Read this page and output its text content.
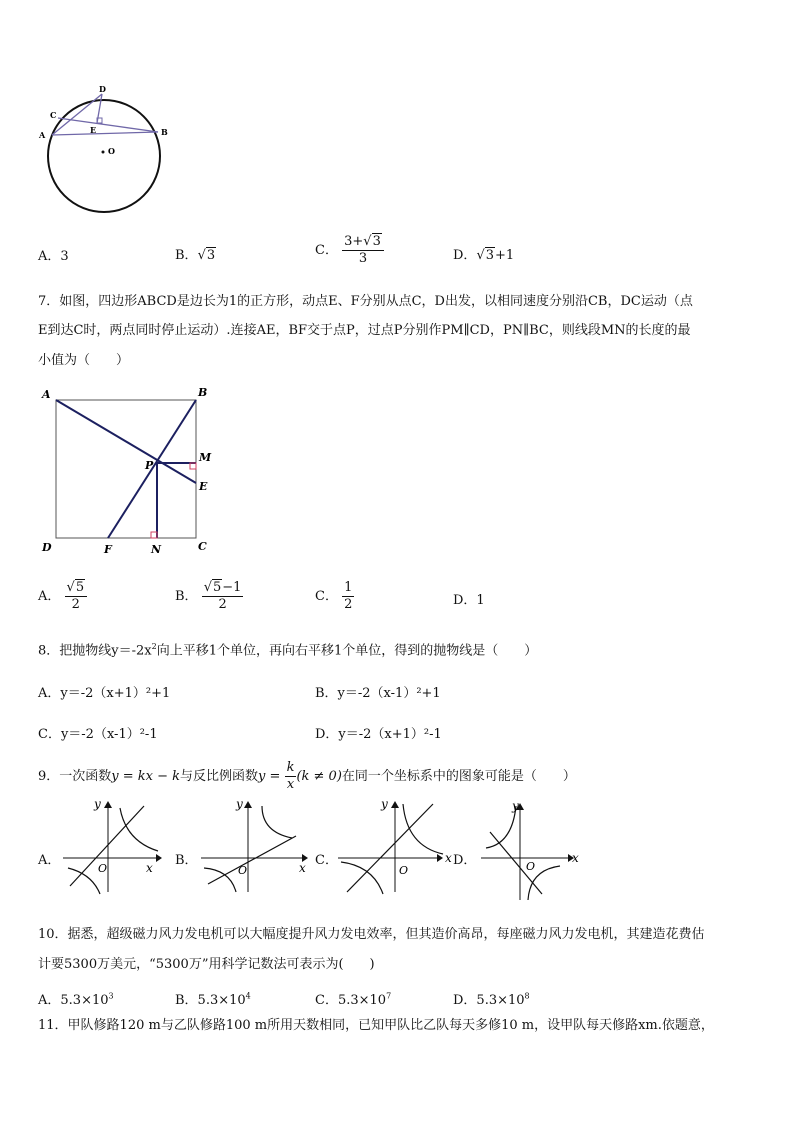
D
C
A	E	B
O
A．3	B．√3	C． $\frac{3+√3}{3}$	D．√3+1
7．如图，四边形ABCD是边长为1的正方形，动点E、F分别从点C，D出发，以相同速度分别沿CB，DC运动（点
E到达C时，两点同时停止运动）.连接AE，BF交于点P，过点P分别作PM∥CD，PN∥BC，则线段MN的长度的最
小值为（　　）
A	B
P
M
E
D	F	N	C
A． $\frac{√5}{2}$	B． $\frac{√5-1}{2}$	C． $\frac{1}{2}$	D．1
8．把抛物线$y=-2x^2$向上平移1个单位，再向右平移1个单位，得到的抛物线是（　　）
A．y＝-2（x+1）²+1	B．y＝-2（x-1）²+1
C．y＝-2（x-1）²-1	D．y＝-2（x+1）²-1
9．一次函数y = kx − k与反比例函数$y = \frac{k}{x} (k \ne 0)$在同一个坐标系中的图象可能是（　　）
A．
y
x
O
B．
y
x
O
C．
y
x
O
D．
y
x
O
10．据悉，超级磁力风力发电机可以大幅度提升风力发电效率，但其造价高昂，每座磁力风力发电机，其建造花费估
计要5300万美元，“5300万”用科学记数法可表示为(　　)
A．$5.3\times 10^3$	B．$5.3\times 10^4$	C．$5.3\times 10^7$	D．$5.3\times 10^8$
11．甲队修路120 m与乙队修路100 m所用天数相同，已知甲队比乙队每天多修10 m，设甲队每天修路xm.依题意，
